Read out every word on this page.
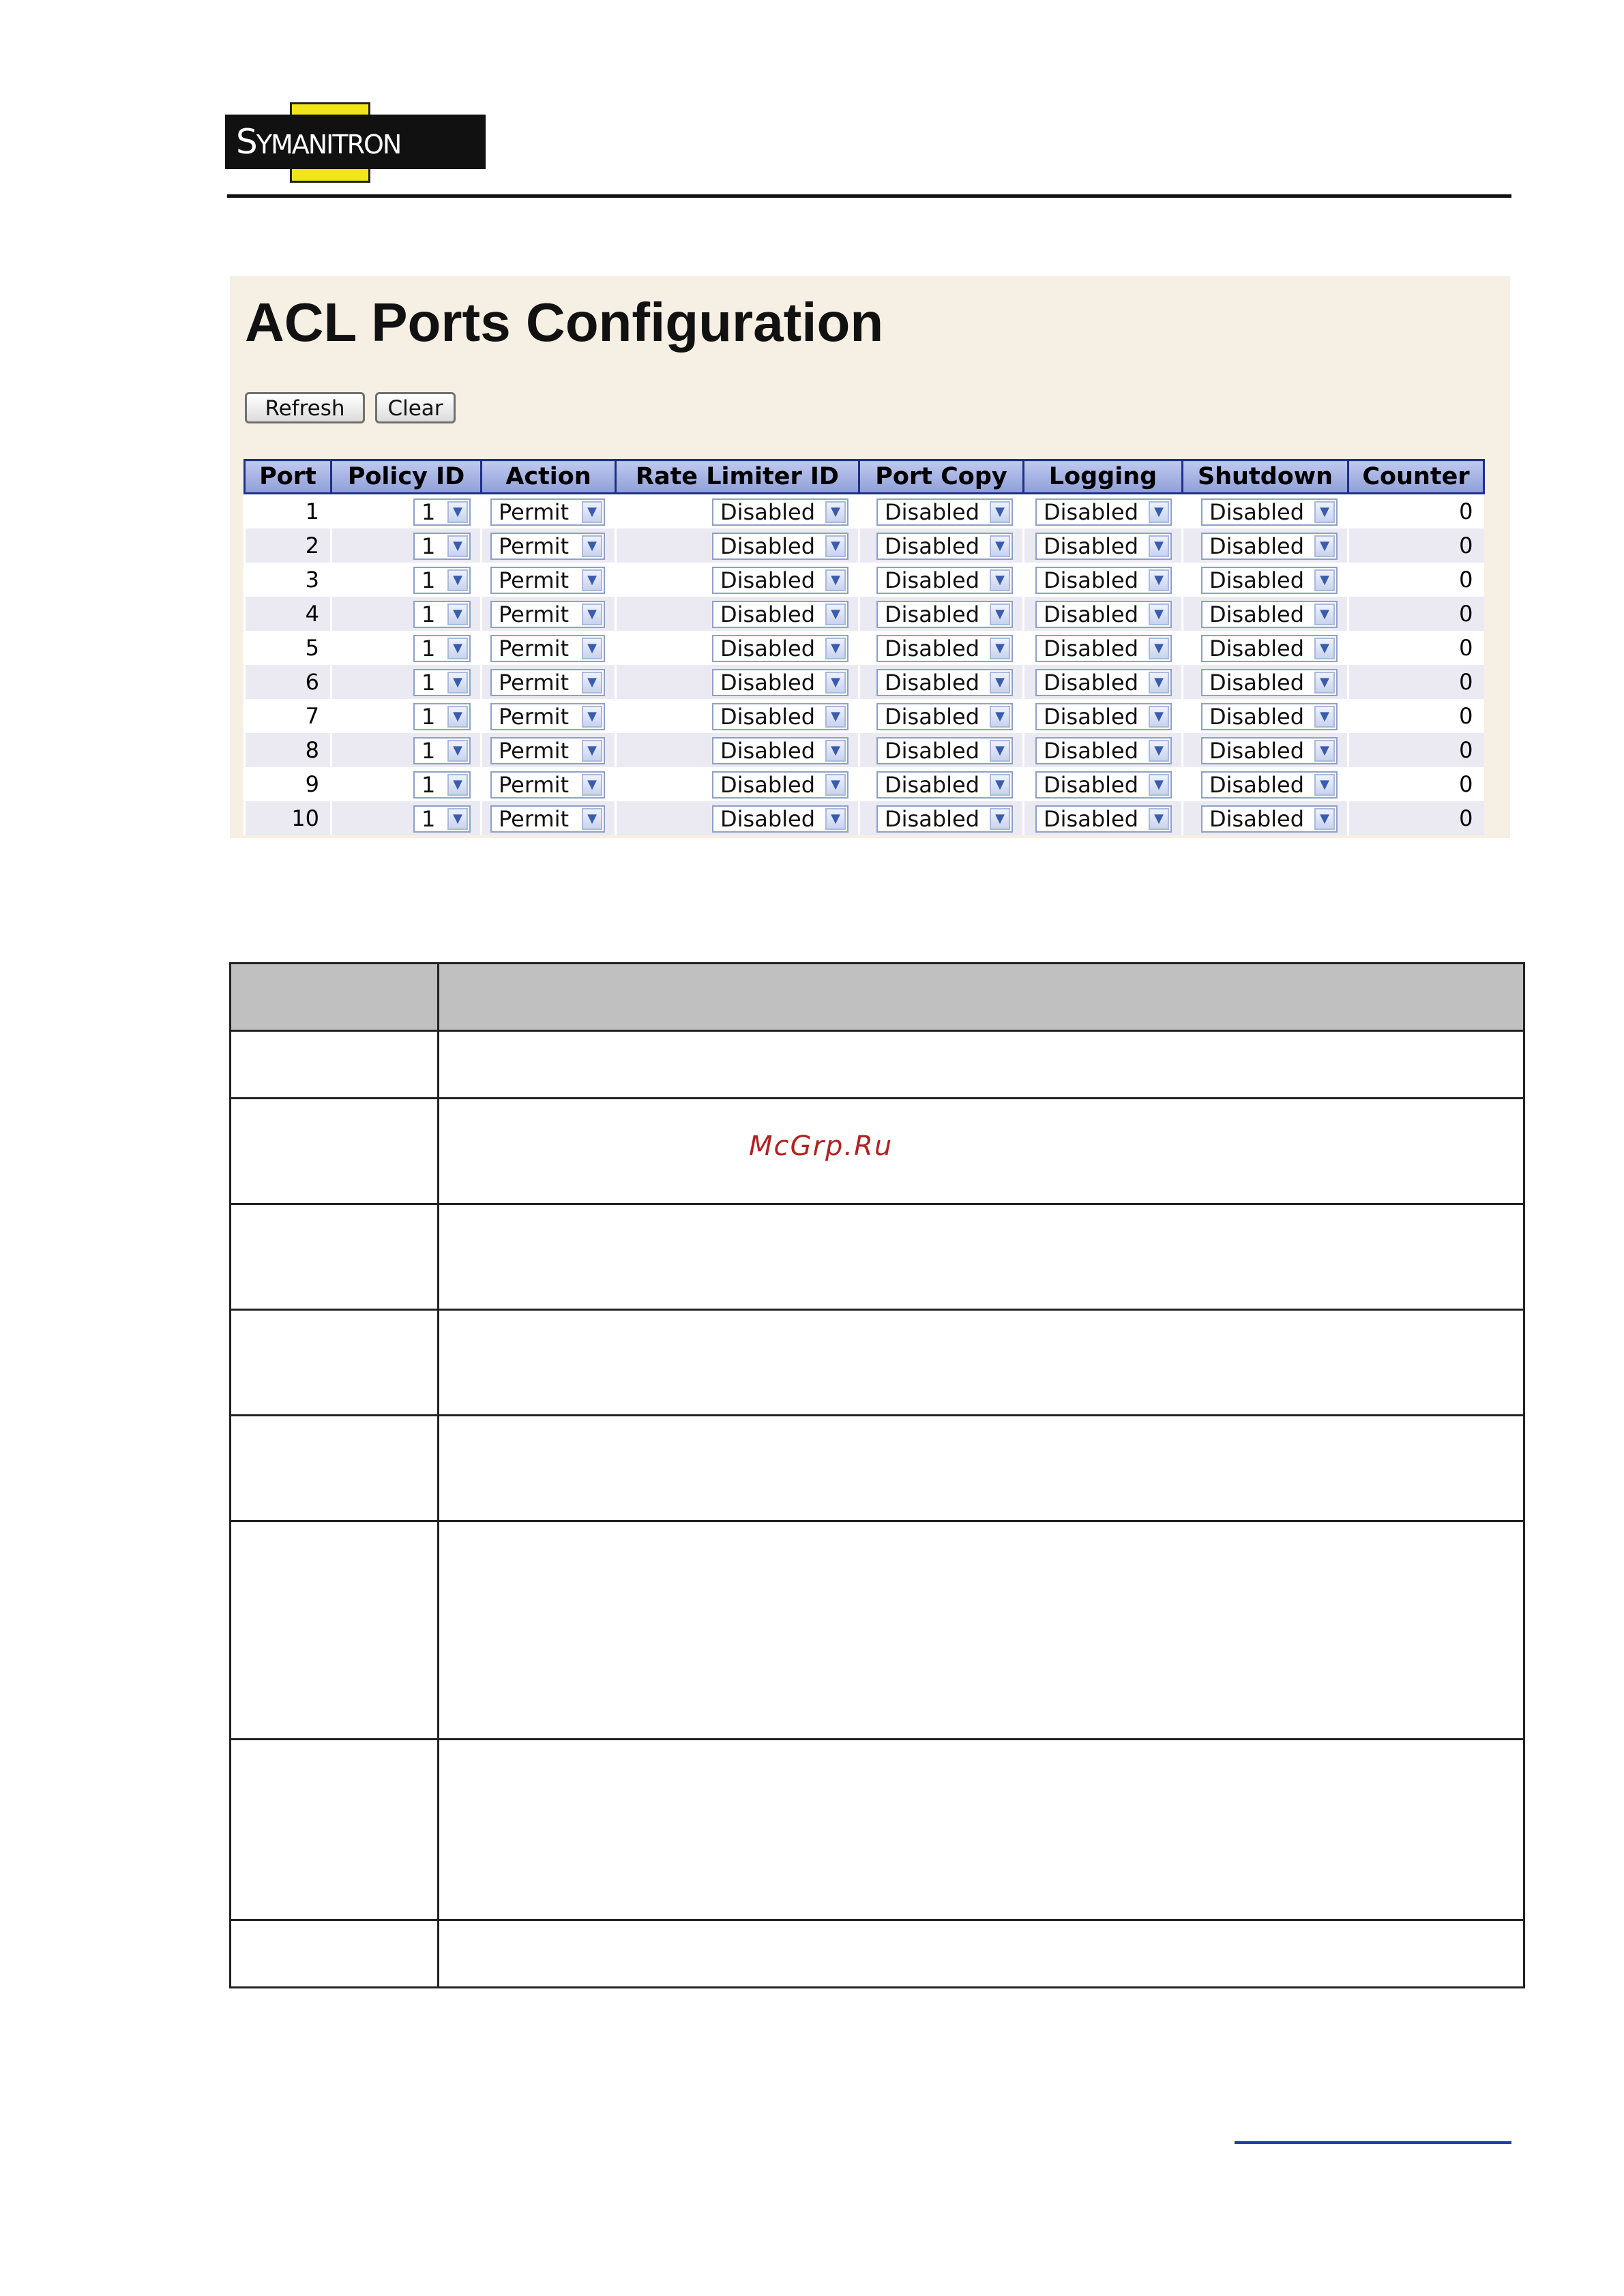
SYMANITRON
ACL Ports Configuration
Refresh	Clear
Port	Policy ID	Action	Rate Limiter ID	Port Copy	Logging	Shutdown	Counter
1	1 ▼	Permit ▼	Disabled ▼	Disabled ▼	Disabled ▼	Disabled ▼	0
2	1 ▼	Permit ▼	Disabled ▼	Disabled ▼	Disabled ▼	Disabled ▼	0
3	1 ▼	Permit ▼	Disabled ▼	Disabled ▼	Disabled ▼	Disabled ▼	0
4	1 ▼	Permit ▼	Disabled ▼	Disabled ▼	Disabled ▼	Disabled ▼	0
5	1 ▼	Permit ▼	Disabled ▼	Disabled ▼	Disabled ▼	Disabled ▼	0
6	1 ▼	Permit ▼	Disabled ▼	Disabled ▼	Disabled ▼	Disabled ▼	0
7	1 ▼	Permit ▼	Disabled ▼	Disabled ▼	Disabled ▼	Disabled ▼	0
8	1 ▼	Permit ▼	Disabled ▼	Disabled ▼	Disabled ▼	Disabled ▼	0
9	1 ▼	Permit ▼	Disabled ▼	Disabled ▼	Disabled ▼	Disabled ▼	0
10	1 ▼	Permit ▼	Disabled ▼	Disabled ▼	Disabled ▼	Disabled ▼	0

McGrp.Ru
